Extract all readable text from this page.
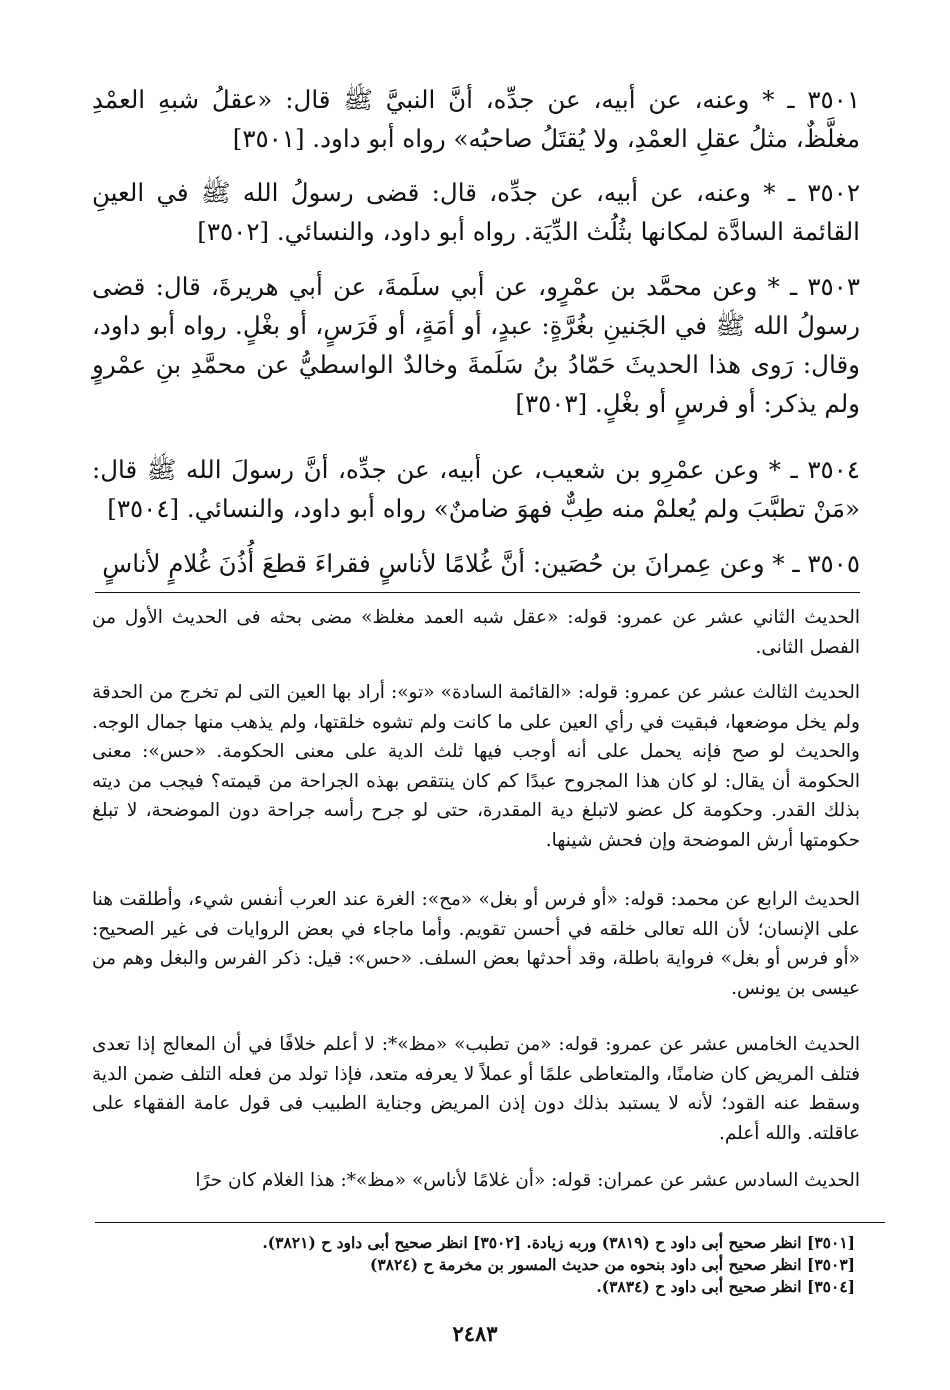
٣٥٠١ ـ * وعنه، عن أبيه، عن جدِّه، أنَّ النبيَّ ﷺ قال: «عقلُ شبهِ العمْدِ مغلَّظٌ، مثلُ عقلِ العمْدِ، ولا يُقتَلُ صاحبُه» رواه أبو داود. [٣٥٠١]

٣٥٠٢ ـ * وعنه، عن أبيه، عن جدِّه، قال: قضى رسولُ الله ﷺ في العينِ القائمة السادَّة لمكانها بثُلُث الدِّيَة. رواه أبو داود، والنسائي. [٣٥٠٢]

٣٥٠٣ ـ * وعن محمَّد بن عمْرٍو، عن أبي سلَمةَ، عن أبي هريرةَ، قال: قضى رسولُ الله ﷺ في الجَنينِ بغُرَّةٍ: عبدٍ، أو أمَةٍ، أو فَرَسٍ، أو بغْلٍ. رواه أبو داود، وقال: رَوى هذا الحديثَ حَمّادُ بنُ سَلَمةَ وخالدٌ الواسطيُّ عن محمَّدِ بنِ عمْروٍ ولم يذكر: أو فرسٍ أو بغْلٍ. [٣٥٠٣]

٣٥٠٤ ـ * وعن عمْرِو بن شعيب، عن أبيه، عن جدِّه، أنَّ رسولَ الله ﷺ قال: «مَنْ تطبَّبَ ولم يُعلمْ منه طِبٌّ فهوَ ضامنٌ» رواه أبو داود، والنسائي. [٣٥٠٤]

٣٥٠٥ ـ * وعن عِمرانَ بن حُصَين: أنَّ غُلامًا لأناسٍ فقراءَ قطعَ أُذُنَ غُلامٍ لأناسٍ

الحديث الثاني عشر عن عمرو: قوله: «عقل شبه العمد مغلظ» مضى بحثه فى الحديث الأول من الفصل الثانى.

الحديث الثالث عشر عن عمرو: قوله: «القائمة السادة» «تو»: أراد بها العين التى لم تخرج من الحدقة ولم يخل موضعها، فبقيت في رأي العين على ما كانت ولم تشوه خلقتها، ولم يذهب منها جمال الوجه. والحديث لو صح فإنه يحمل على أنه أوجب فيها ثلث الدية على معنى الحكومة. «حس»: معنى الحكومة أن يقال: لو كان هذا المجروح عبدًا كم كان ينتقص بهذه الجراحة من قيمته؟ فيجب من ديته بذلك القدر. وحكومة كل عضو لاتبلغ دية المقدرة، حتى لو جرح رأسه جراحة دون الموضحة، لا تبلغ حكومتها أرش الموضحة وإن فحش شينها.

الحديث الرابع عن محمد: قوله: «أو فرس أو بغل» «مح»: الغرة عند العرب أنفس شيء، وأطلقت هنا على الإنسان؛ لأن الله تعالى خلقه في أحسن تقويم. وأما ماجاء في بعض الروايات فى غير الصحيح: «أو فرس أو بغل» فرواية باطلة، وقد أحدثها بعض السلف. «حس»: قيل: ذكر الفرس والبغل وهم من عيسى بن يونس.

الحديث الخامس عشر عن عمرو: قوله: «من تطبب» «مظ»*: لا أعلم خلافًا في أن المعالج إذا تعدى فتلف المريض كان ضامنًا، والمتعاطى علمًا أو عملاً لا يعرفه متعد، فإذا تولد من فعله التلف ضمن الدية وسقط عنه القود؛ لأنه لا يستبد بذلك دون إذن المريض وجناية الطبيب فى قول عامة الفقهاء على عاقلته. والله أعلم.

الحديث السادس عشر عن عمران: قوله: «أن غلامًا لأناس» «مظ»*: هذا الغلام كان حرًا

[٣٥٠١] انظر صحيح أبى داود ح (٣٨١٩) وربه زيادة. [٣٥٠٢] انظر صحيح أبى داود ح (٣٨٢١).
[٣٥٠٣] انظر صحيح أبى داود بنحوه من حديث المسور بن مخرمة ح (٣٨٢٤)
[٣٥٠٤] انظر صحيح أبى داود ح (٣٨٣٤).
٢٤٨٣
